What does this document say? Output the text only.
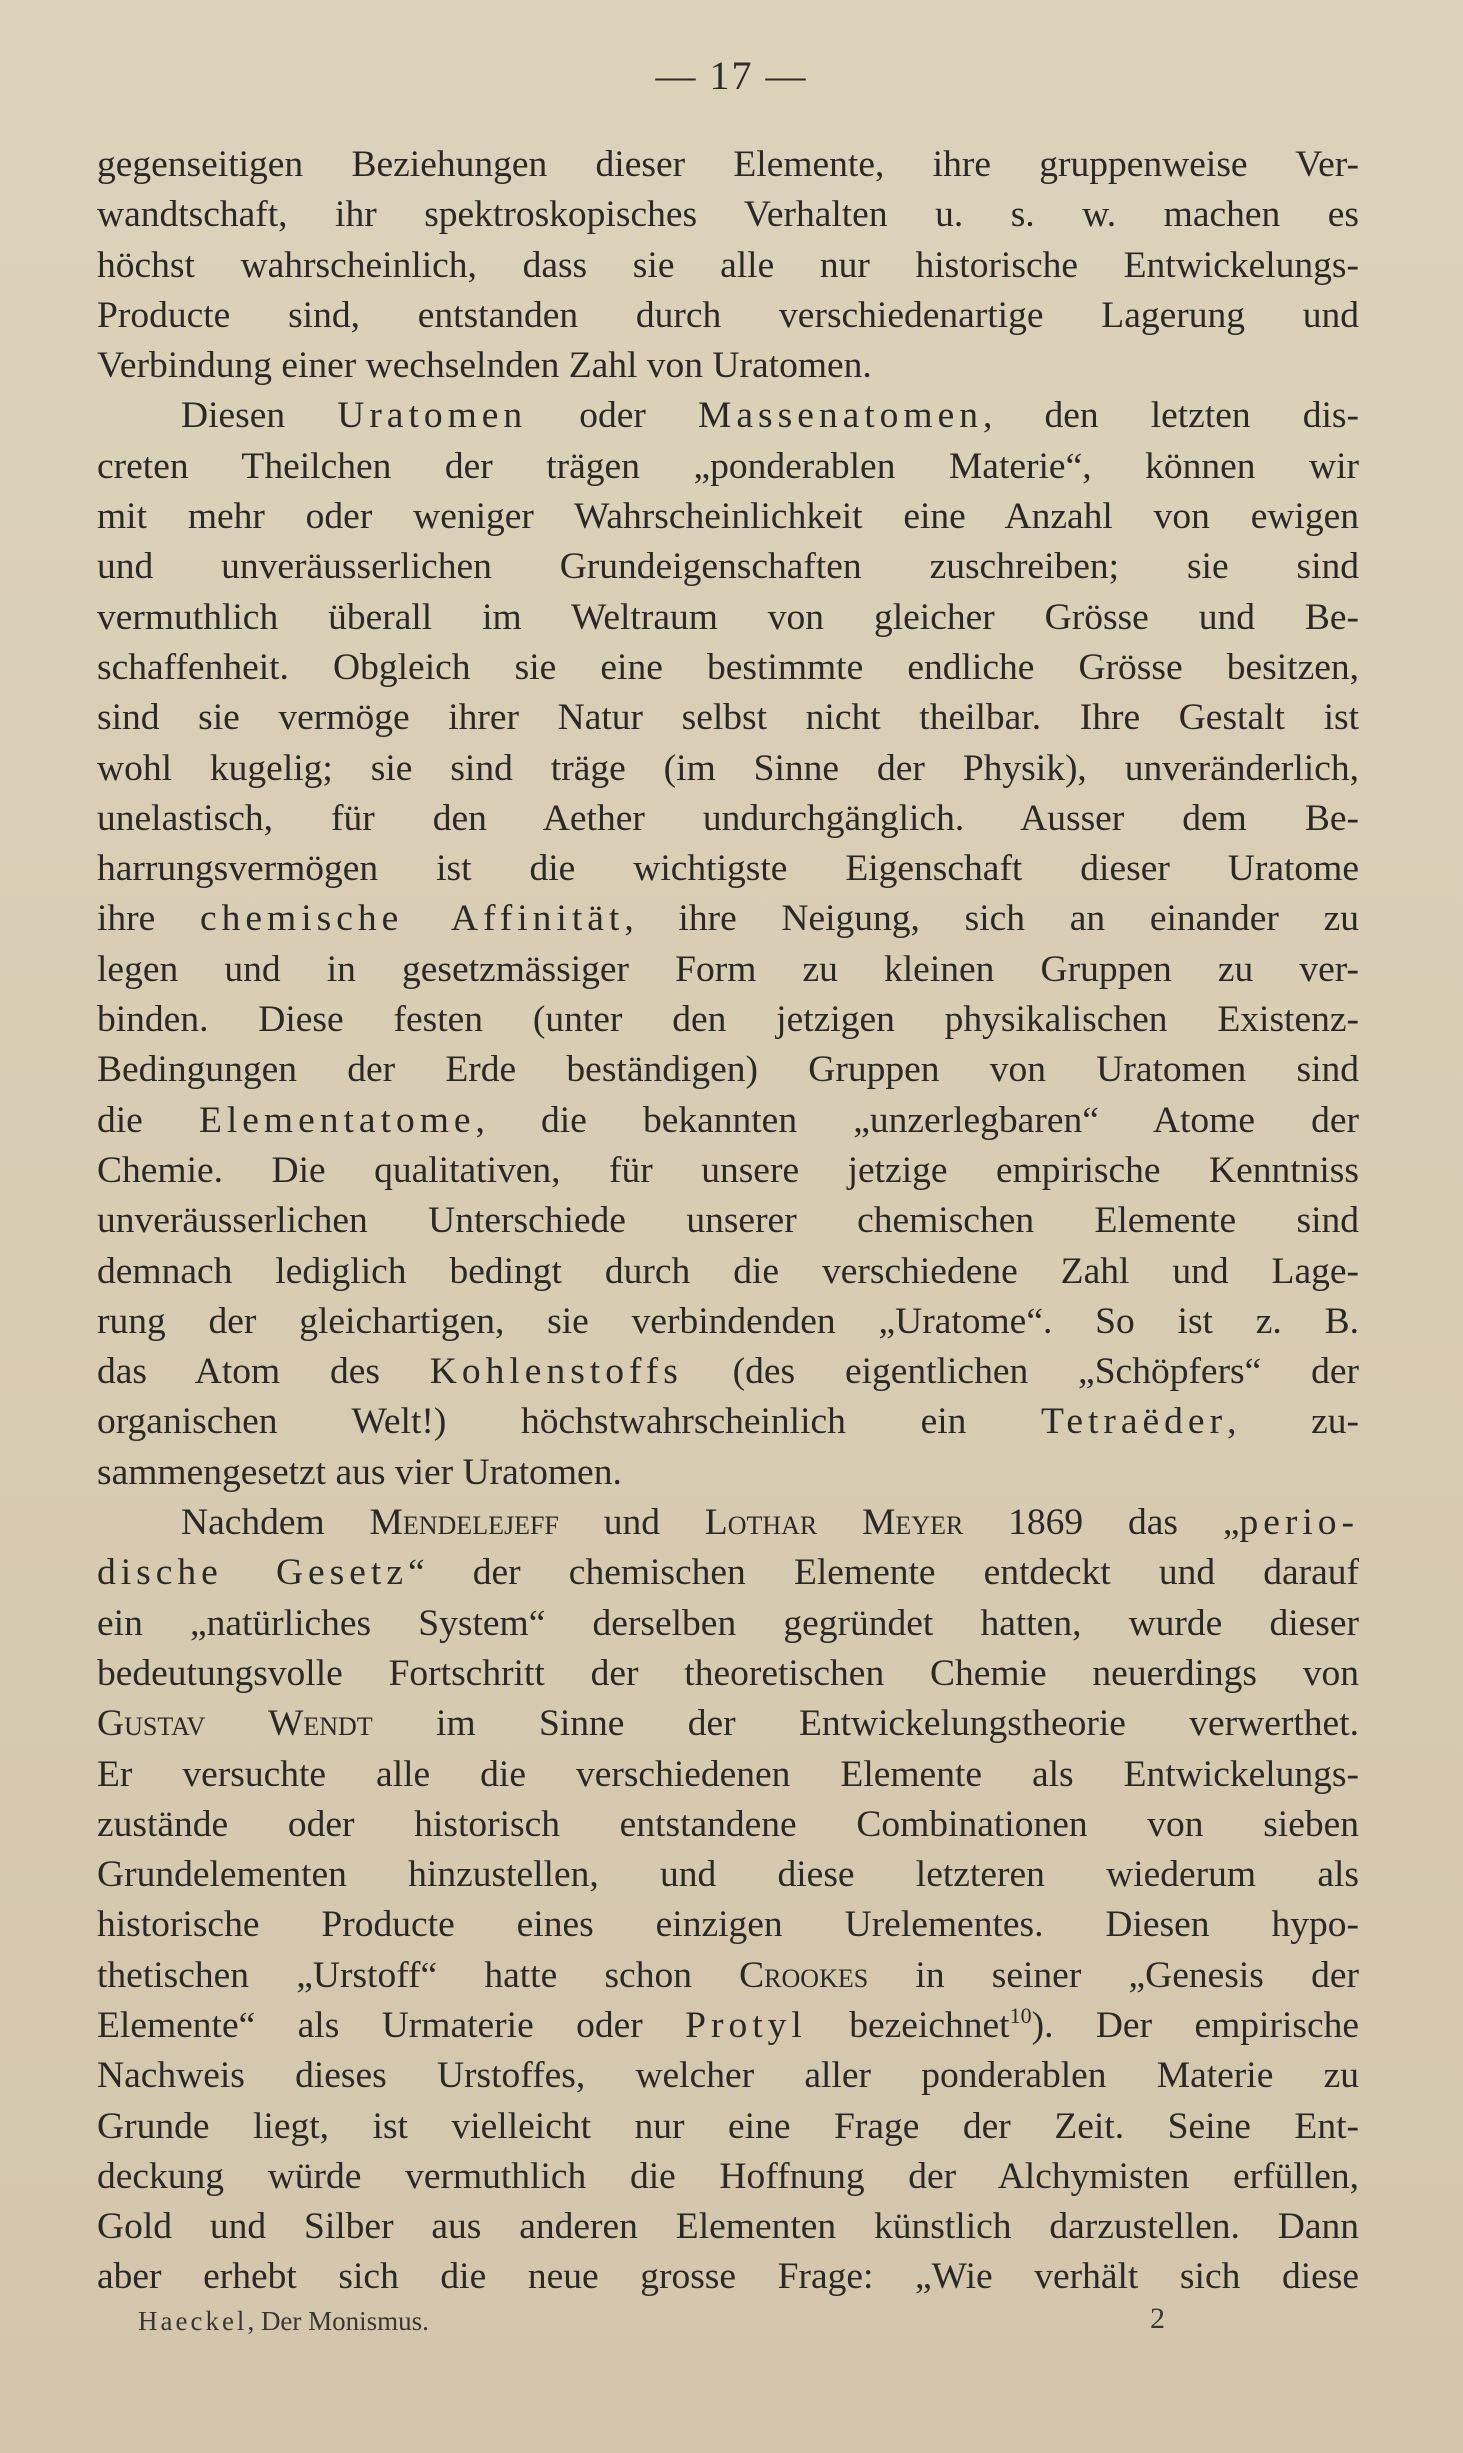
— 17 —
gegenseitigen Beziehungen dieser Elemente, ihre gruppenweise Ver-
wandtschaft, ihr spektroskopisches Verhalten u. s. w. machen es
höchst wahrscheinlich, dass sie alle nur historische Entwickelungs-
Producte sind, entstanden durch verschiedenartige Lagerung und
Verbindung einer wechselnden Zahl von Uratomen.
Diesen Uratomen oder Massenatomen, den letzten dis-
creten Theilchen der trägen „ponderablen Materie“, können wir
mit mehr oder weniger Wahrscheinlichkeit eine Anzahl von ewigen
und unveräusserlichen Grundeigenschaften zuschreiben; sie sind
vermuthlich überall im Weltraum von gleicher Grösse und Be-
schaffenheit. Obgleich sie eine bestimmte endliche Grösse besitzen,
sind sie vermöge ihrer Natur selbst nicht theilbar. Ihre Gestalt ist
wohl kugelig; sie sind träge (im Sinne der Physik), unveränderlich,
unelastisch, für den Aether undurchgänglich. Ausser dem Be-
harrungsvermögen ist die wichtigste Eigenschaft dieser Uratome
ihre chemische Affinität, ihre Neigung, sich an einander zu
legen und in gesetzmässiger Form zu kleinen Gruppen zu ver-
binden. Diese festen (unter den jetzigen physikalischen Existenz-
Bedingungen der Erde beständigen) Gruppen von Uratomen sind
die Elementatome, die bekannten „unzerlegbaren“ Atome der
Chemie. Die qualitativen, für unsere jetzige empirische Kenntniss
unveräusserlichen Unterschiede unserer chemischen Elemente sind
demnach lediglich bedingt durch die verschiedene Zahl und Lage-
rung der gleichartigen, sie verbindenden „Uratome“. So ist z. B.
das Atom des Kohlenstoffs (des eigentlichen „Schöpfers“ der
organischen Welt!) höchstwahrscheinlich ein Tetraëder, zu-
sammengesetzt aus vier Uratomen.
Nachdem Mendelejeff und Lothar Meyer 1869 das „perio-
dische Gesetz“ der chemischen Elemente entdeckt und darauf
ein „natürliches System“ derselben gegründet hatten, wurde dieser
bedeutungsvolle Fortschritt der theoretischen Chemie neuerdings von
Gustav Wendt im Sinne der Entwickelungstheorie verwerthet.
Er versuchte alle die verschiedenen Elemente als Entwickelungs-
zustände oder historisch entstandene Combinationen von sieben
Grundelementen hinzustellen, und diese letzteren wiederum als
historische Producte eines einzigen Urelementes. Diesen hypo-
thetischen „Urstoff“ hatte schon Crookes in seiner „Genesis der
Elemente“ als Urmaterie oder Protyl bezeichnet$^{10}$). Der empirische
Nachweis dieses Urstoffes, welcher aller ponderablen Materie zu
Grunde liegt, ist vielleicht nur eine Frage der Zeit. Seine Ent-
deckung würde vermuthlich die Hoffnung der Alchymisten erfüllen,
Gold und Silber aus anderen Elementen künstlich darzustellen. Dann
aber erhebt sich die neue grosse Frage: „Wie verhält sich diese
Haeckel, Der Monismus.	2
